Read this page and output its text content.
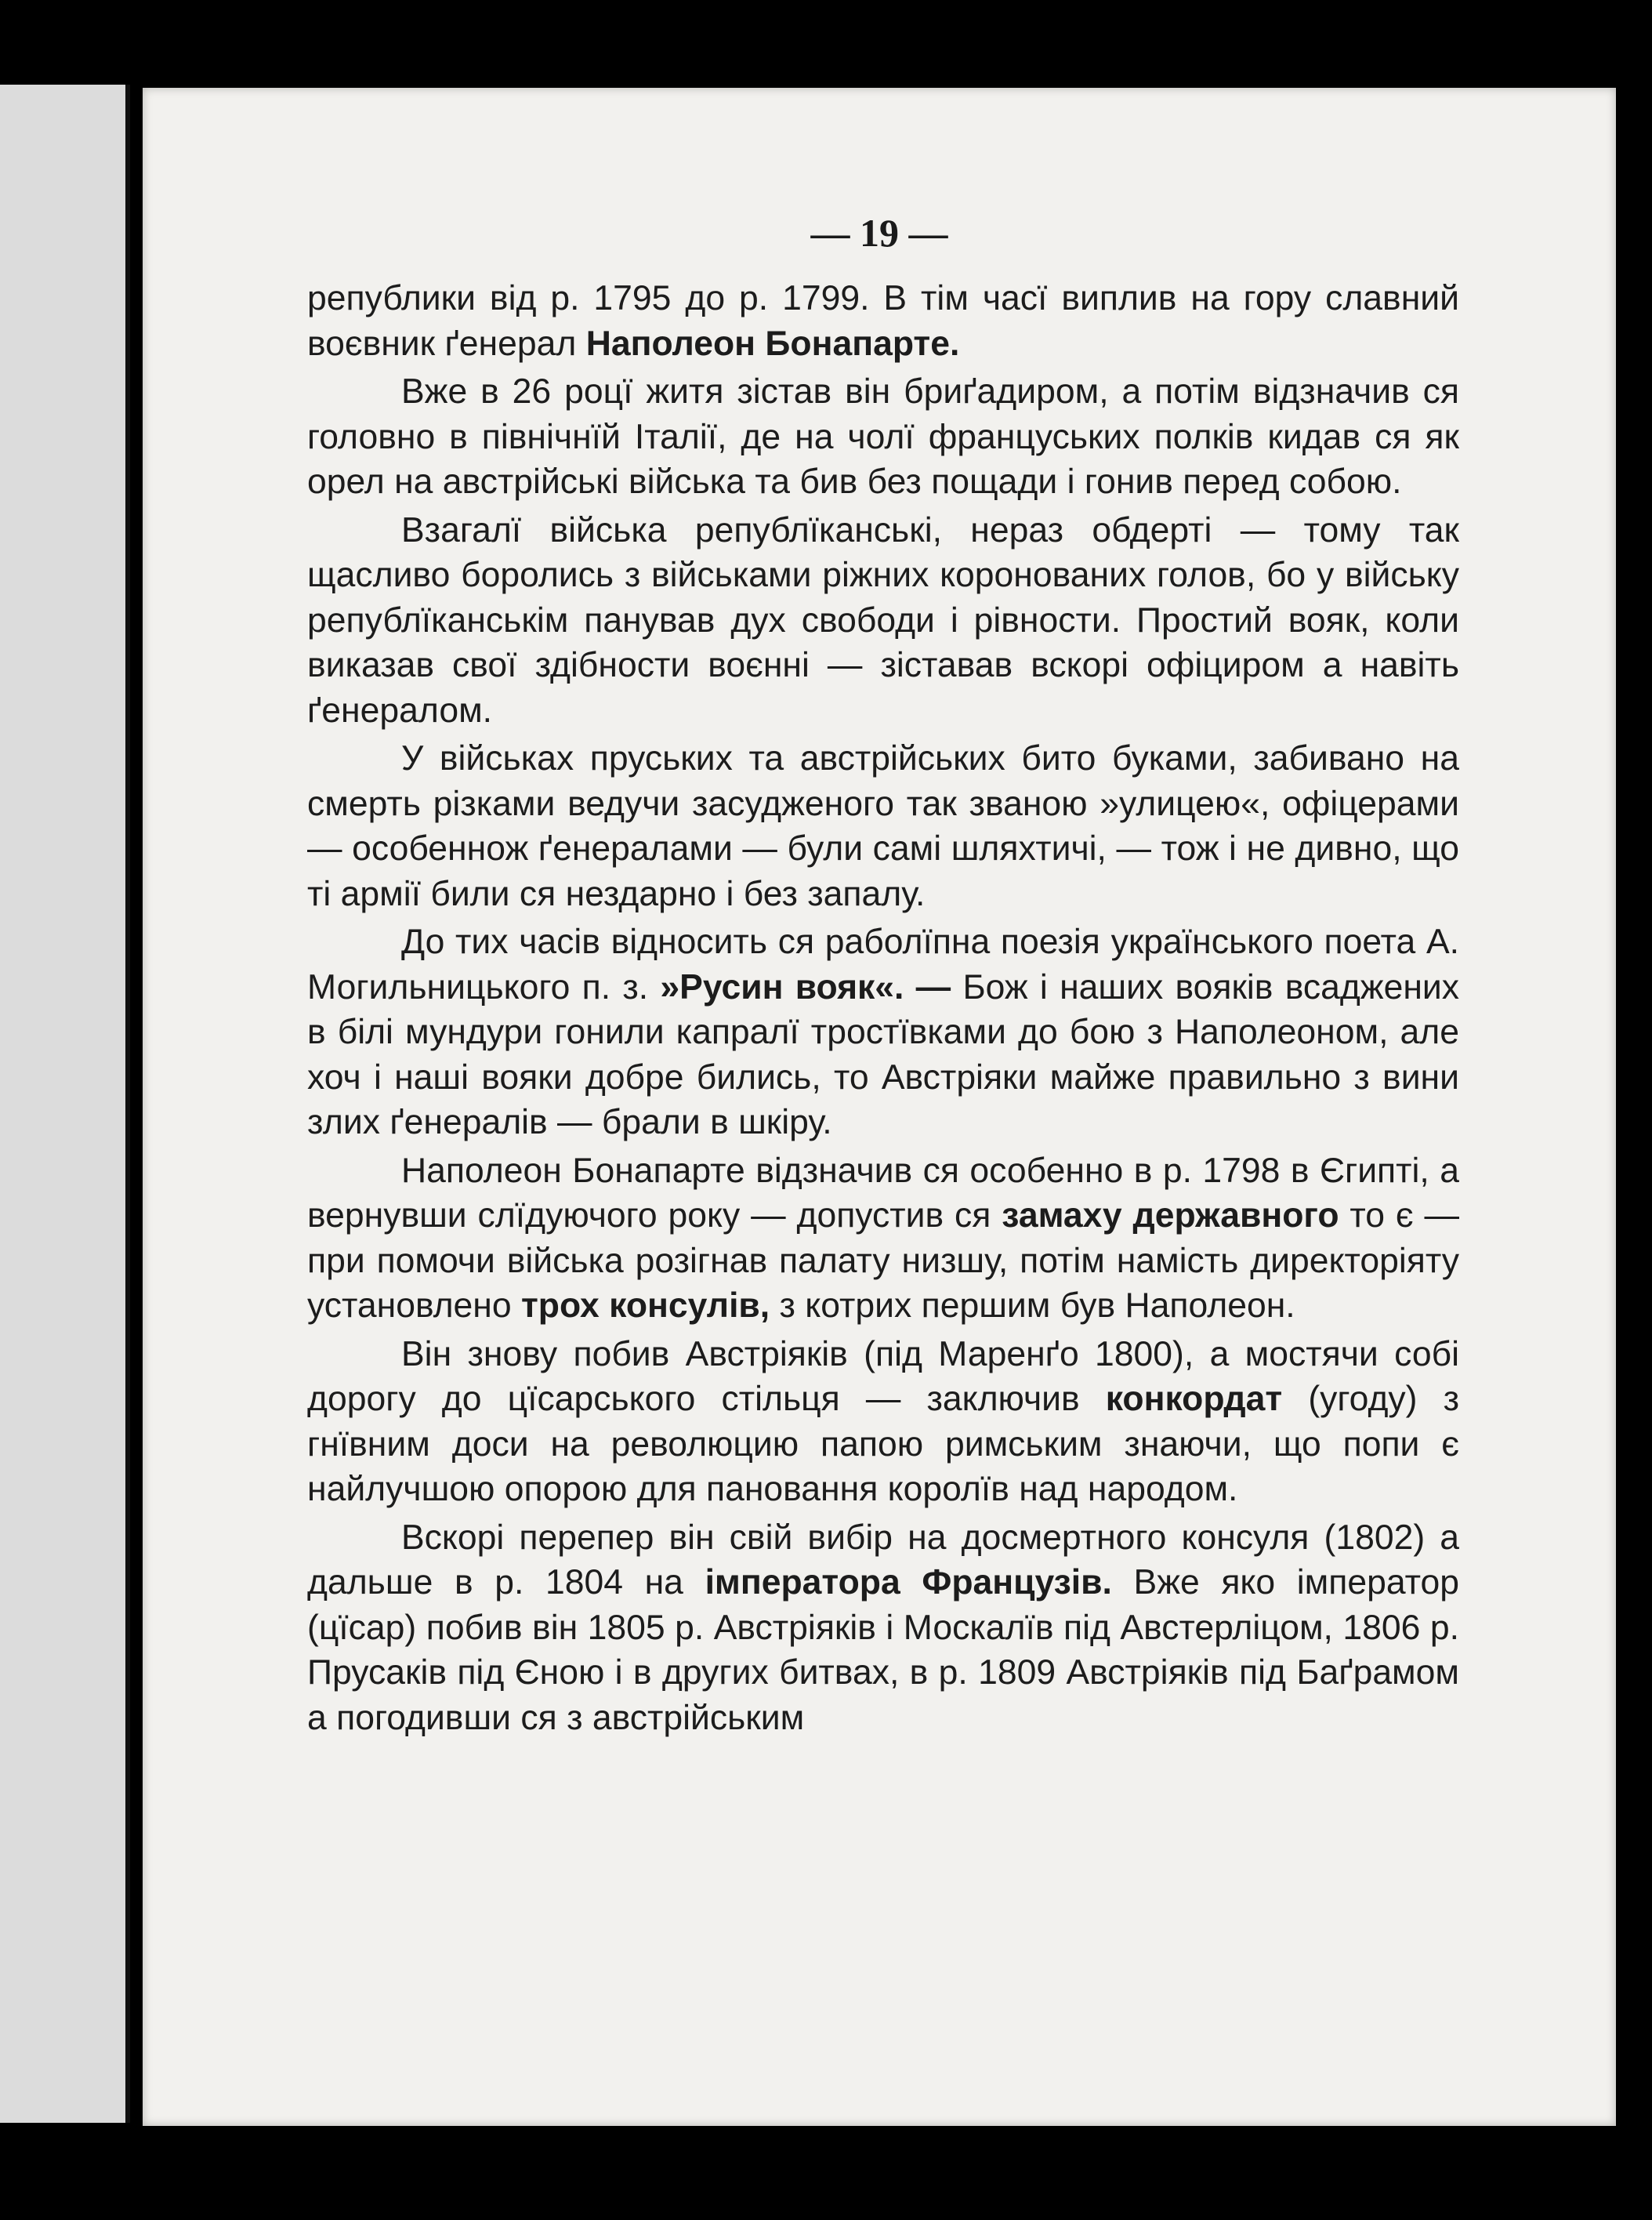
— 19 —

републики від р. 1795 до р. 1799. В тім часї виплив на гору славний воєвник ґенерал Наполеон Бонапарте.

Вже в 26 роцї житя зістав він бриґадиром, а потім відзначив ся головно в північнїй Італії, де на чолї француських полків кидав ся як орел на австрійські війська та бив без пощади і гонив перед собою.

Взагалї війська републїканські, нераз обдерті — тому так щасливо боролись з військами ріжних коронованих голов, бо у війську републїканськім панував дух свободи і рівности. Простий вояк, коли виказав свої здібности воєнні — зіставав вскорі офіциром а навіть ґенералом.

У військах пруських та австрійських бито буками, забивано на смерть різками ведучи засудженого так званою »улицею«, офіцерами — особеннож ґенералами — були самі шляхтичі, — тож і не дивно, що ті армії били ся нездарно і без запалу.

До тих часів відносить ся раболїпна поезія українського поета А. Могильницького п. з. »Русин вояк«. — Бож і наших вояків всаджених в білі мундури гонили капралї тростївками до бою з Наполеоном, але хоч і наші вояки добре бились, то Австріяки майже правильно з вини злих ґенералів — брали в шкіру.

Наполеон Бонапарте відзначив ся особенно в р. 1798 в Єгипті, а вернувши слїдуючого року — допустив ся замаху державного то є — при помочи війська розігнав палату низшу, потім намість директоріяту установлено трох консулів, з котрих першим був Наполеон.

Він знову побив Австріяків (під Маренґо 1800), а мостячи собі дорогу до цїсарського стільця — заключив конкордат (угоду) з гнївним доси на революцию папою римським знаючи, що попи є найлучшою опорою для пановання королїв над народом.

Вскорі перепер він свій вибір на досмертного консуля (1802) а дальше в р. 1804 на імператора Французів. Вже яко імператор (цїсар) побив він 1805 р. Австріяків і Москалїв під Австерліцом, 1806 р. Прусаків під Єною і в других битвах, в р. 1809 Австріяків під Баґрамом а погодивши ся з австрійським
